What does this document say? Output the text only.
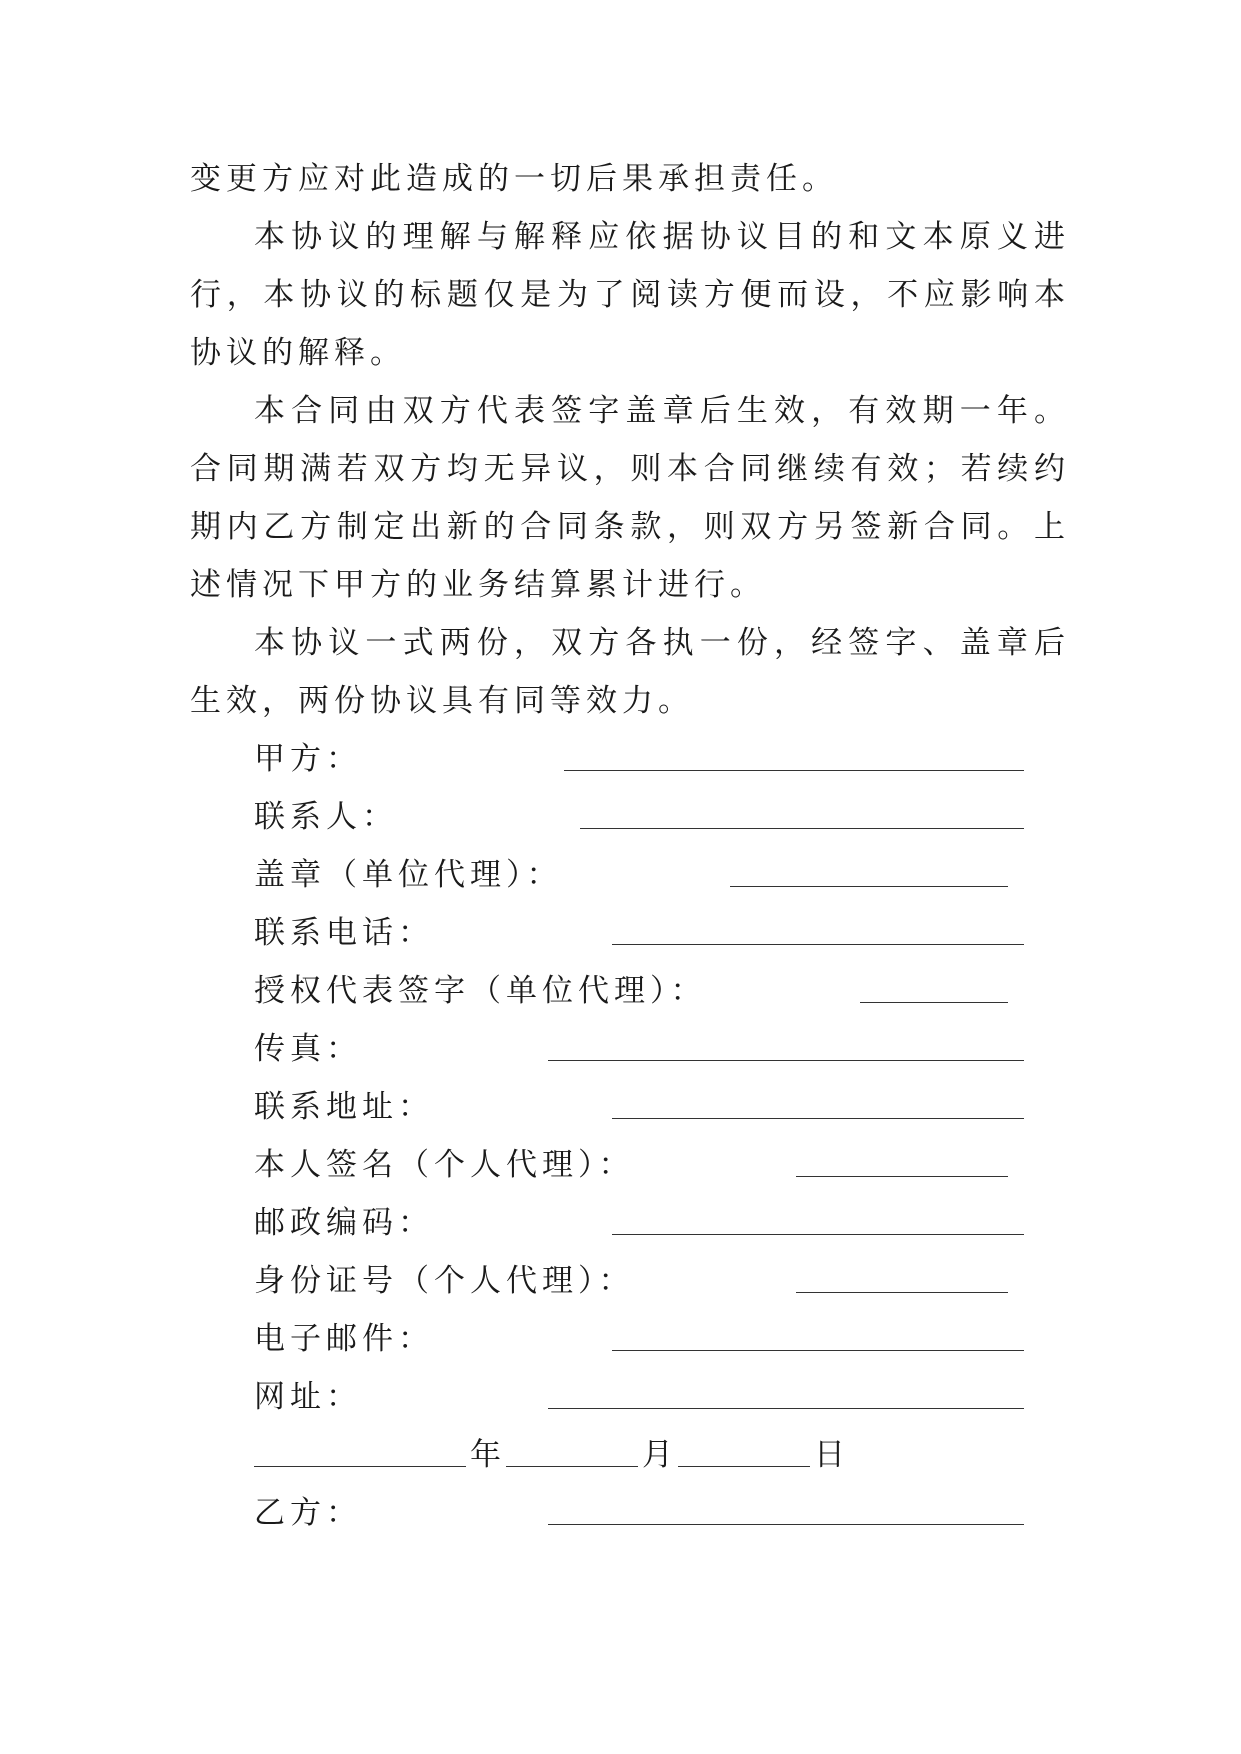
变更方应对此造成的一切后果承担责任。

本协议的理解与解释应依据协议目的和文本原义进行，本协议的标题仅是为了阅读方便而设，不应影响本协议的解释。

本合同由双方代表签字盖章后生效，有效期一年。合同期满若双方均无异议，则本合同继续有效；若续约期内乙方制定出新的合同条款，则双方另签新合同。上述情况下甲方的业务结算累计进行。

本协议一式两份，双方各执一份，经签字、盖章后生效，两份协议具有同等效力。

甲方：
联系人：
盖章（单位代理）：
联系电话：
授权代表签字（单位代理）：
传真：
联系地址：
本人签名（个人代理）：
邮政编码：
身份证号（个人代理）：
电子邮件：
网址：
年	月	日
乙方：
